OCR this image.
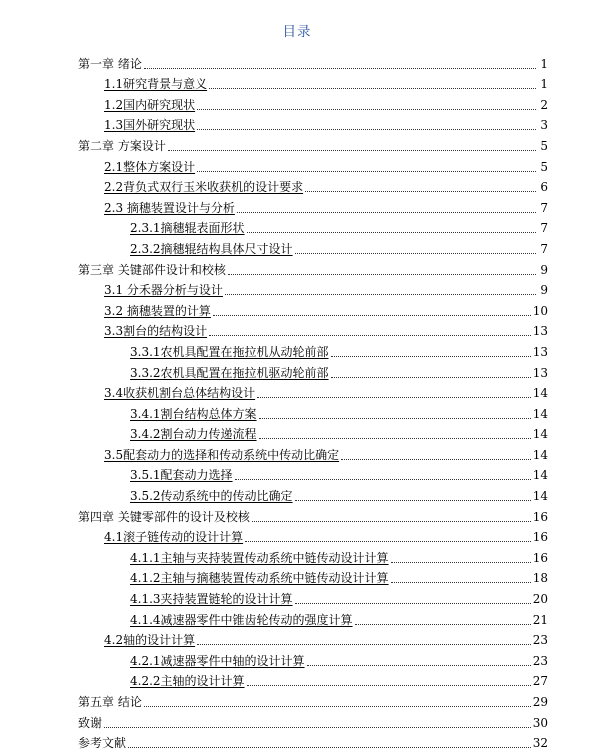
目录
第一章 绪论	1
1.1研究背景与意义	1
1.2国内研究现状	2
1.3国外研究现状	3
第二章 方案设计	5
2.1整体方案设计	5
2.2背负式双行玉米收获机的设计要求	6
2.3 摘穗装置设计与分析	7
2.3.1摘穗辊表面形状	7
2.3.2摘穗辊结构具体尺寸设计	7
第三章 关键部件设计和校核	9
3.1 分禾器分析与设计	9
3.2 摘穗装置的计算	10
3.3割台的结构设计	13
3.3.1农机具配置在拖拉机从动轮前部	13
3.3.2农机具配置在拖拉机驱动轮前部	13
3.4收获机割台总体结构设计	14
3.4.1割台结构总体方案	14
3.4.2割台动力传递流程	14
3.5配套动力的选择和传动系统中传动比确定	14
3.5.1配套动力选择	14
3.5.2传动系统中的传动比确定	14
第四章 关键零部件的设计及校核	16
4.1滚子链传动的设计计算	16
4.1.1主轴与夹持装置传动系统中链传动设计计算	16
4.1.2主轴与摘穗装置传动系统中链传动设计计算	18
4.1.3夹持装置链轮的设计计算	20
4.1.4减速器零件中锥齿轮传动的强度计算	21
4.2轴的设计计算	23
4.2.1减速器零件中轴的设计计算	23
4.2.2主轴的设计计算	27
第五章 结论	29
致谢	30
参考文献	32
